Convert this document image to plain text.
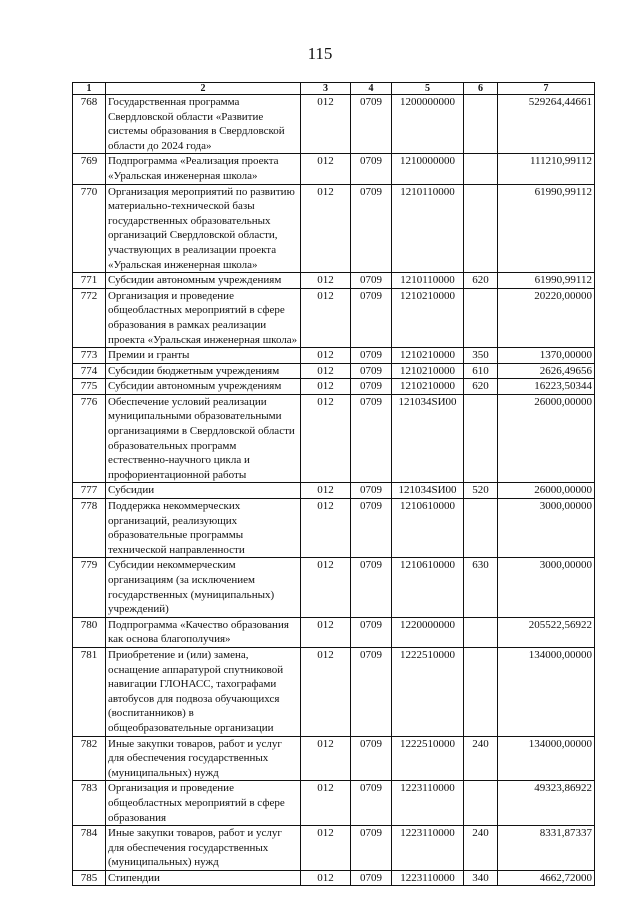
115
1	2	3	4	5	6	7
768	Государственная программа Свердловской области «Развитие системы образования в Свердловской области до 2024 года»	012	0709	1200000000		529264,44661
769	Подпрограмма «Реализация проекта «Уральская инженерная школа»	012	0709	1210000000		111210,99112
770	Организация мероприятий по развитию материально-технической базы государственных образовательных организаций Свердловской области, участвующих в реализации проекта «Уральская инженерная школа»	012	0709	1210110000		61990,99112
771	Субсидии автономным учреждениям	012	0709	1210110000	620	61990,99112
772	Организация и проведение общеобластных мероприятий в сфере образования в рамках реализации проекта «Уральская инженерная школа»	012	0709	1210210000		20220,00000
773	Премии и гранты	012	0709	1210210000	350	1370,00000
774	Субсидии бюджетным учреждениям	012	0709	1210210000	610	2626,49656
775	Субсидии автономным учреждениям	012	0709	1210210000	620	16223,50344
776	Обеспечение условий реализации муниципальными образовательными организациями в Свердловской области образовательных программ естественно-научного цикла и профориентационной работы	012	0709	121034SИ00		26000,00000
777	Субсидии	012	0709	121034SИ00	520	26000,00000
778	Поддержка некоммерческих организаций, реализующих образовательные программы технической направленности	012	0709	1210610000		3000,00000
779	Субсидии некоммерческим организациям (за исключением государственных (муниципальных) учреждений)	012	0709	1210610000	630	3000,00000
780	Подпрограмма «Качество образования как основа благополучия»	012	0709	1220000000		205522,56922
781	Приобретение и (или) замена, оснащение аппаратурой спутниковой навигации ГЛОНАСС, тахографами автобусов для подвоза обучающихся (воспитанников) в общеобразовательные организации	012	0709	1222510000		134000,00000
782	Иные закупки товаров, работ и услуг для обеспечения государственных (муниципальных) нужд	012	0709	1222510000	240	134000,00000
783	Организация и проведение общеобластных мероприятий в сфере образования	012	0709	1223110000		49323,86922
784	Иные закупки товаров, работ и услуг для обеспечения государственных (муниципальных) нужд	012	0709	1223110000	240	8331,87337
785	Стипендии	012	0709	1223110000	340	4662,72000
